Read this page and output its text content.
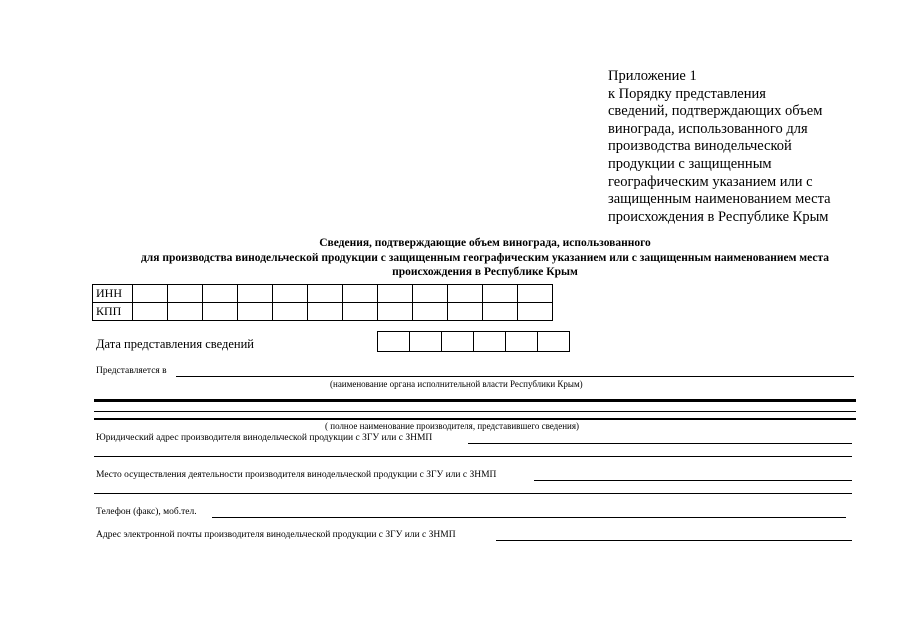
Приложение 1
к Порядку представления
сведений, подтверждающих объем
винограда, использованного для
производства винодельческой
продукции с защищенным
географическим указанием или с
защищенным наименованием места
происхождения в Республике Крым
Сведения, подтверждающие объем винограда, использованного
для производства винодельческой продукции с защищенным географическим указанием или с защищенным наименованием места
происхождения в Республике Крым
ИНН												
КПП												
Дата представления сведений

Представляется в
(наименование органа исполнительной власти Республики Крым)
( полное наименование производителя, представившего сведения)
Юридический адрес производителя винодельческой продукции с ЗГУ или с ЗНМП
Место осуществления деятельности производителя винодельческой продукции с ЗГУ или с ЗНМП
Телефон (факс), моб.тел.
Адрес электронной почты производителя винодельческой продукции с ЗГУ или с ЗНМП
